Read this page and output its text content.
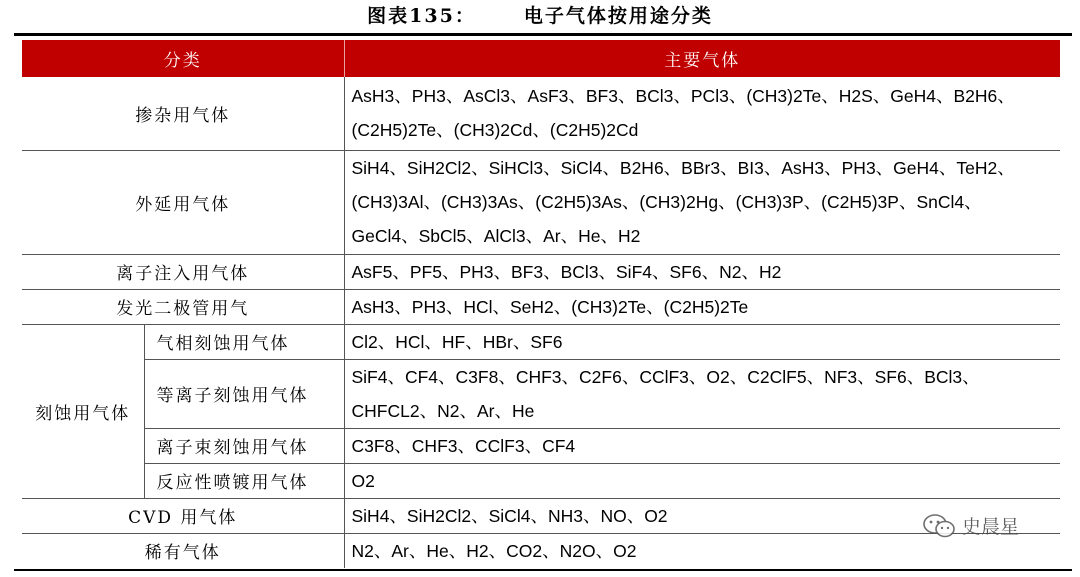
图表135：	电子气体按用途分类
分类		主要气体
掺杂用气体		AsH3、PH3、AsCl3、AsF3、BF3、BCl3、PCl3、(CH3)2Te、H2S、GeH4、B2H6、
(C2H5)2Te、(CH3)2Cd、(C2H5)2Cd

外延用气体		SiH4、SiH2Cl2、SiHCl3、SiCl4、B2H6、BBr3、BI3、AsH3、PH3、GeH4、TeH2、
(CH3)3Al、(CH3)3As、(C2H5)3As、(CH3)2Hg、(CH3)3P、(C2H5)3P、SnCl4、
GeCl4、SbCl5、AlCl3、Ar、He、H2

离子注入用气体		AsF5、PF5、PH3、BF3、BCl3、SiF4、SF6、N2、H2
发光二极管用气		AsH3、PH3、HCl、SeH2、(CH3)2Te、(C2H5)2Te
刻蚀用气体	气相刻蚀用气体	Cl2、HCl、HF、HBr、SF6
	等离子刻蚀用气体	SiF4、CF4、C3F8、CHF3、C2F6、CClF3、O2、C2ClF5、NF3、SF6、BCl3、
CHFCL2、N2、Ar、He

	离子束刻蚀用气体	C3F8、CHF3、CClF3、CF4
	反应性喷镀用气体	O2
CVD 用气体		SiH4、SiH2Cl2、SiCl4、NH3、NO、O2
稀有气体		N2、Ar、He、H2、CO2、N2O、O2
史晨星
